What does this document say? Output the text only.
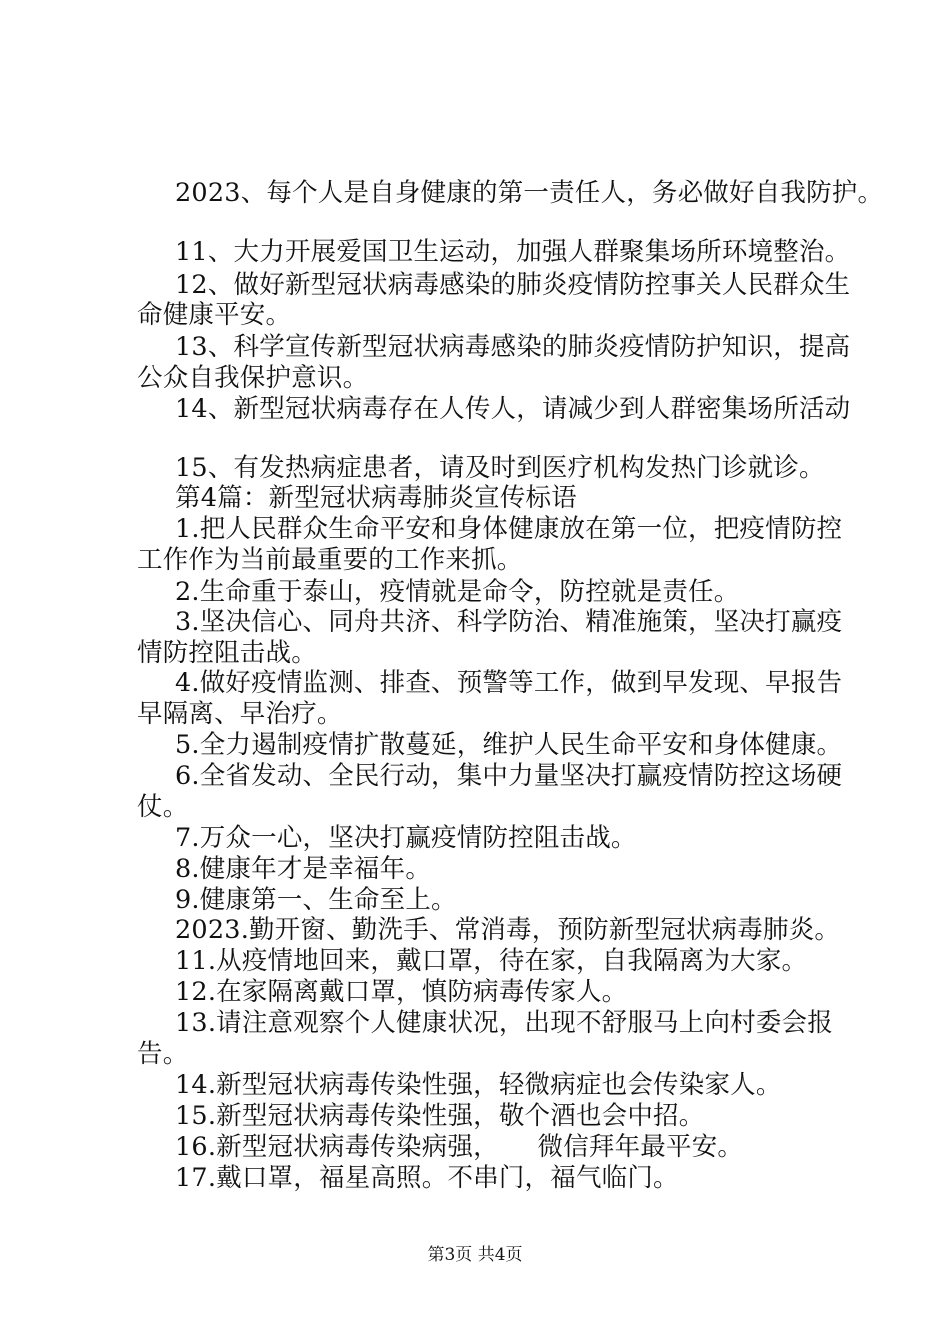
2023、每个人是自身健康的第一责任人，务必做好自我防护。
11、大力开展爱国卫生运动，加强人群聚集场所环境整治。
12、做好新型冠状病毒感染的肺炎疫情防控事关人民群众生
命健康平安。
13、科学宣传新型冠状病毒感染的肺炎疫情防护知识，提高
公众自我保护意识。
14、新型冠状病毒存在人传人，请减少到人群密集场所活动
15、有发热病症患者，请及时到医疗机构发热门诊就诊。
第4篇：新型冠状病毒肺炎宣传标语
1.把人民群众生命平安和身体健康放在第一位，把疫情防控
工作作为当前最重要的工作来抓。
2.生命重于泰山，疫情就是命令，防控就是责任。
3.坚决信心、同舟共济、科学防治、精准施策，坚决打赢疫
情防控阻击战。
4.做好疫情监测、排查、预警等工作，做到早发现、早报告
早隔离、早治疗。
5.全力遏制疫情扩散蔓延，维护人民生命平安和身体健康。
6.全省发动、全民行动，集中力量坚决打赢疫情防控这场硬
仗。
7.万众一心，坚决打赢疫情防控阻击战。
8.健康年才是幸福年。
9.健康第一、生命至上。
2023.勤开窗、勤洗手、常消毒，预防新型冠状病毒肺炎。
11.从疫情地回来，戴口罩，待在家，自我隔离为大家。
12.在家隔离戴口罩，慎防病毒传家人。
13.请注意观察个人健康状况，出现不舒服马上向村委会报
告。
14.新型冠状病毒传染性强，轻微病症也会传染家人。
15.新型冠状病毒传染性强，敬个酒也会中招。
16.新型冠状病毒传染病强，　　微信拜年最平安。
17.戴口罩，福星高照。不串门，福气临门。
第3页 共4页
